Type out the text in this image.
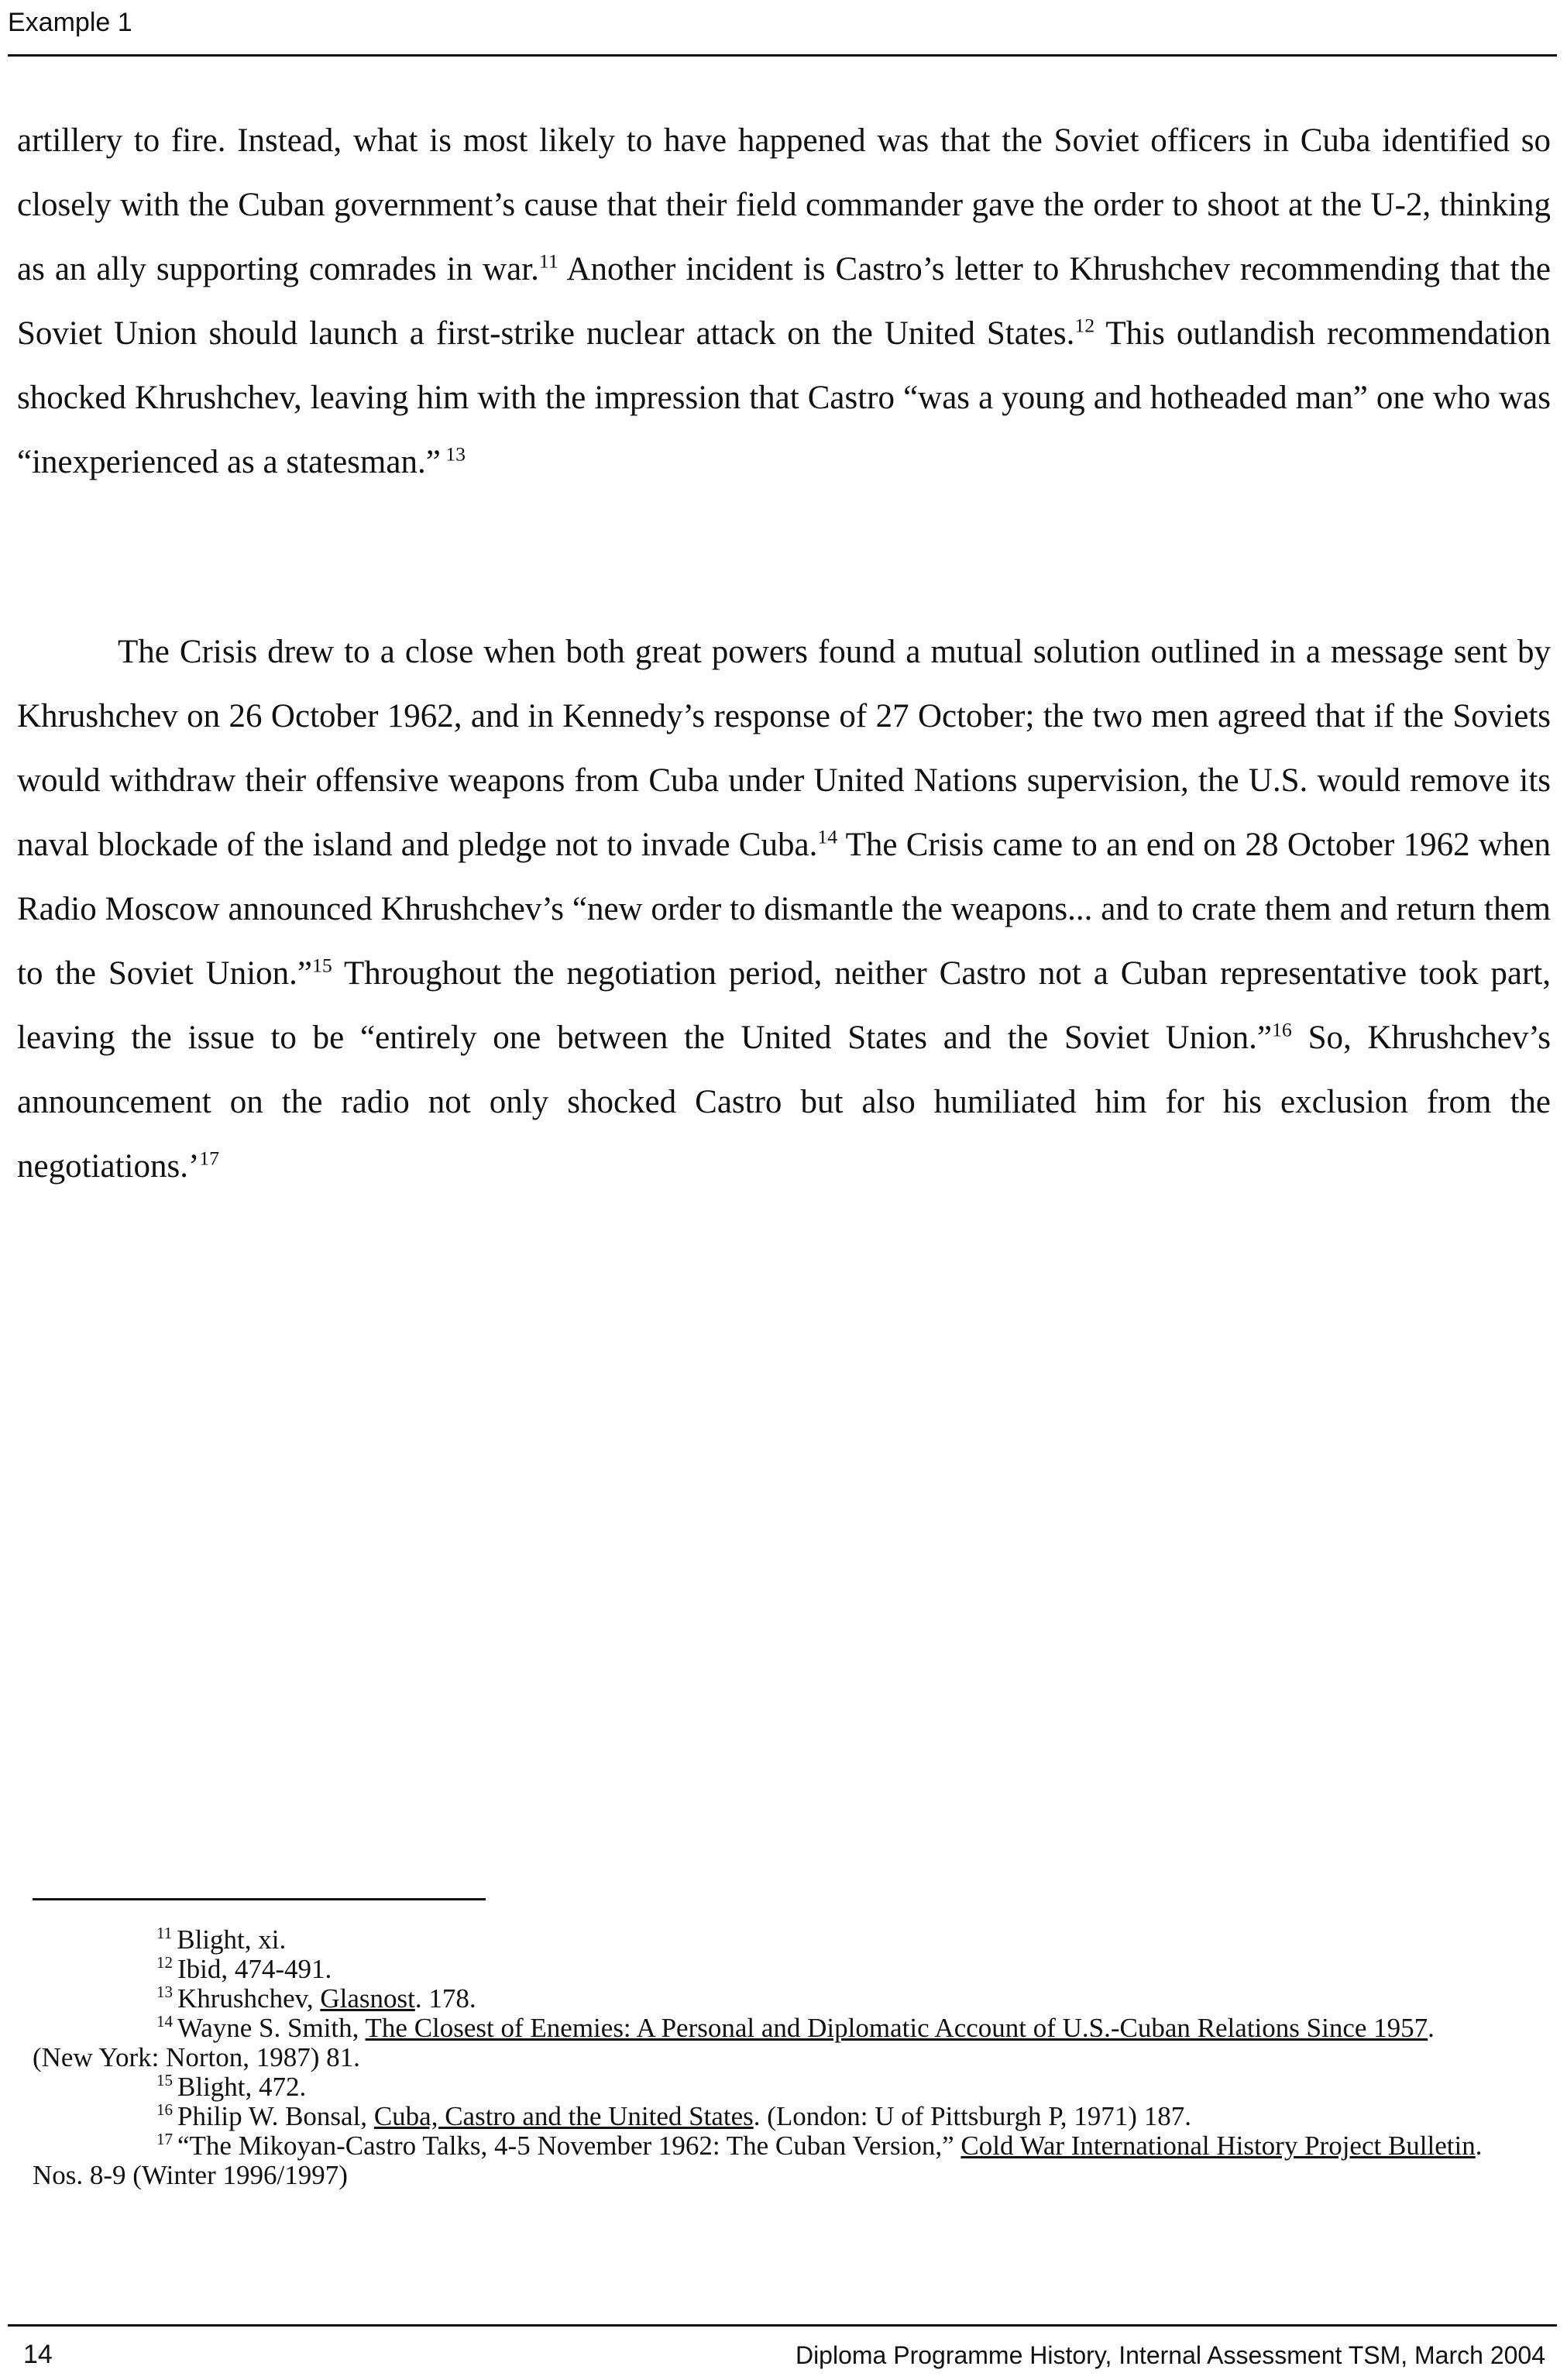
Example 1

artillery to fire. Instead, what is most likely to have happened was that the Soviet officers in Cuba identified so closely with the Cuban government’s cause that their field commander gave the order to shoot at the U-2, thinking as an ally supporting comrades in war.$^{11}$ Another incident is Castro’s letter to Khrushchev recommending that the Soviet Union should launch a first-strike nuclear attack on the United States.$^{12}$ This outlandish recommendation shocked Khrushchev, leaving him with the impression that Castro “was a young and hotheaded man” one who was “inexperienced as a statesman.” $^{13}$

The Crisis drew to a close when both great powers found a mutual solution outlined in a message sent by Khrushchev on 26 October 1962, and in Kennedy’s response of 27 October; the two men agreed that if the Soviets would withdraw their offensive weapons from Cuba under United Nations supervision, the U.S. would remove its naval blockade of the island and pledge not to invade Cuba.$^{14}$ The Crisis came to an end on 28 October 1962 when Radio Moscow announced Khrushchev’s “new order to dismantle the weapons... and to crate them and return them to the Soviet Union.”$^{15}$ Throughout the negotiation period, neither Castro not a Cuban representative took part, leaving the issue to be “entirely one between the United States and the Soviet Union.”$^{16}$ So, Khrushchev’s announcement on the radio not only shocked Castro but also humiliated him for his exclusion from the negotiations.’$^{17}$

$^{11}$ Blight, xi.
$^{12}$ Ibid, 474-491.
$^{13}$ Khrushchev, Glasnost. 178.
$^{14}$ Wayne S. Smith, The Closest of Enemies: A Personal and Diplomatic Account of U.S.-Cuban Relations Since 1957. (New York: Norton, 1987) 81.
$^{15}$ Blight, 472.
$^{16}$ Philip W. Bonsal, Cuba, Castro and the United States. (London: U of Pittsburgh P, 1971) 187.
$^{17}$ “The Mikoyan-Castro Talks, 4-5 November 1962: The Cuban Version,” Cold War International History Project Bulletin. Nos. 8-9 (Winter 1996/1997)
14	Diploma Programme History, Internal Assessment TSM, March 2004
